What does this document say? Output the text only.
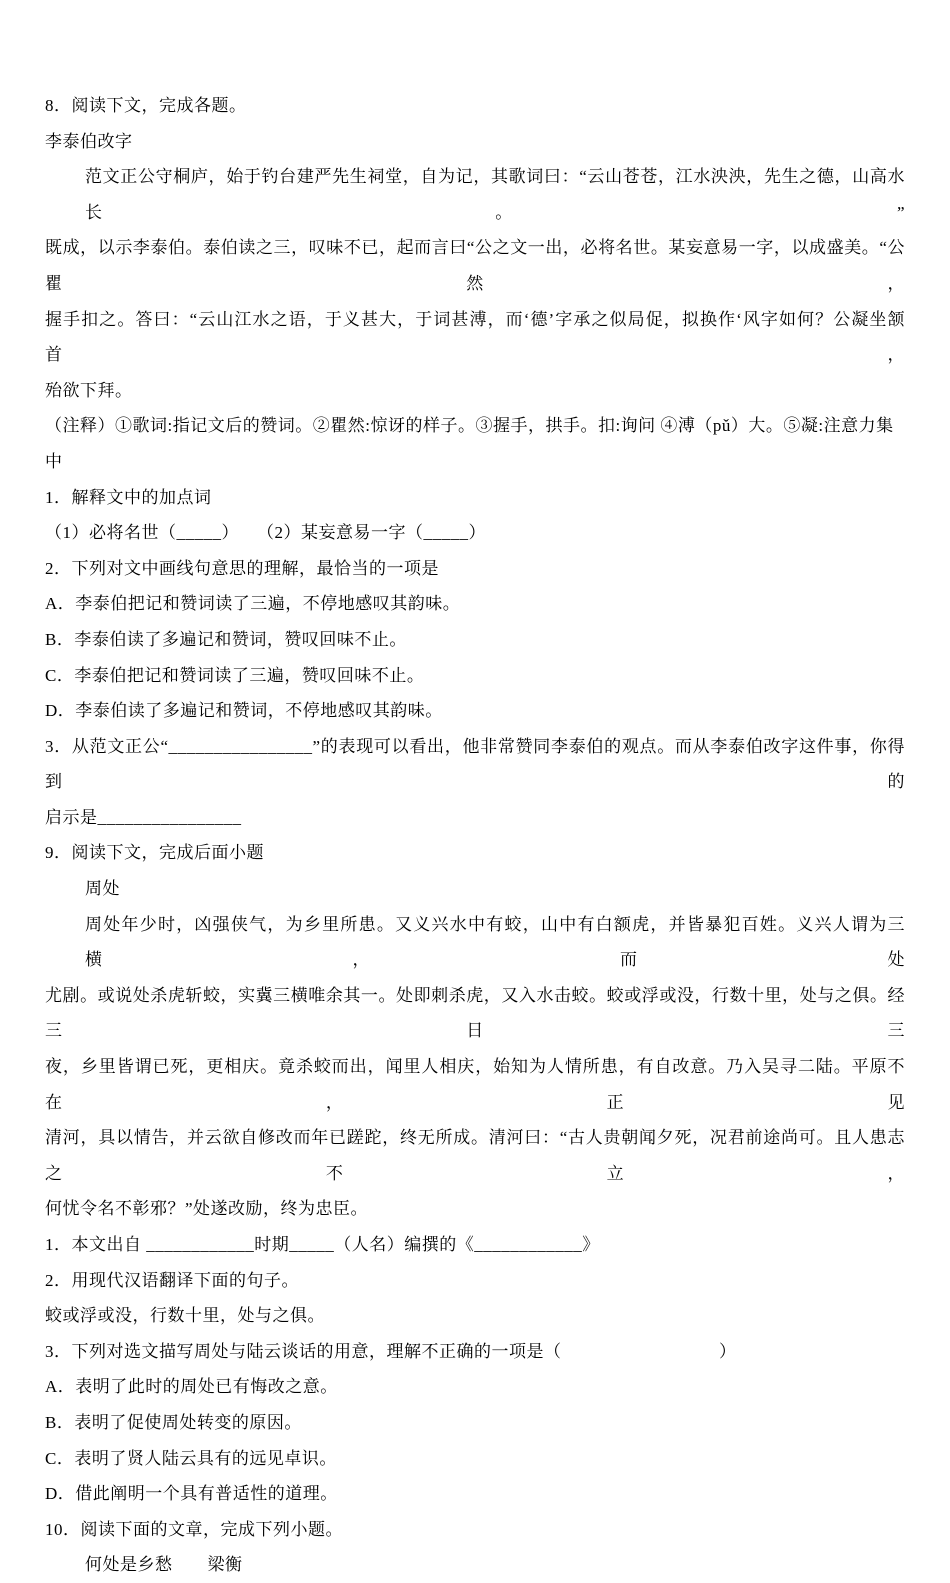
8．阅读下文，完成各题。
李泰伯改字
范文正公守桐庐，始于钓台建严先生祠堂，自为记，其歌词曰：“云山苍苍，江水泱泱，先生之德，山高水长。”
既成，以示李泰伯。泰伯读之三，叹味不已，起而言曰“公之文一出，必将名世。某妄意易一字，以成盛美。“公瞿然，
握手扣之。答曰：“云山江水之语，于义甚大，于词甚溥，而‘德’字承之似局促，拟换作‘风字如何？公凝坐颔首，
殆欲下拜。
（注释）①歌词:指记文后的赞词。②瞿然:惊讶的样子。③握手，拱手。扣:询问 ④溥（pǔ）大。⑤凝:注意力集中
1．解释文中的加点词
（1）必将名世（_____）　　（2）某妄意易一字（_____）
2．下列对文中画线句意思的理解，最恰当的一项是
A．李泰伯把记和赞词读了三遍，不停地感叹其韵味。
B．李泰伯读了多遍记和赞词，赞叹回味不止。
C．李泰伯把记和赞词读了三遍，赞叹回味不止。
D．李泰伯读了多遍记和赞词，不停地感叹其韵味。
3．从范文正公“________________”的表现可以看出，他非常赞同李泰伯的观点。而从李泰伯改字这件事，你得到的
启示是________________
9．阅读下文，完成后面小题
周处
周处年少时，凶强侠气，为乡里所患。又义兴水中有蛟，山中有白额虎，并皆暴犯百姓。义兴人谓为三横，而处
尤剧。或说处杀虎斩蛟，实冀三横唯余其一。处即刺杀虎，又入水击蛟。蛟或浮或没，行数十里，处与之俱。经三日三
夜，乡里皆谓已死，更相庆。竟杀蛟而出，闻里人相庆，始知为人情所患，有自改意。乃入吴寻二陆。平原不在，正见
清河，具以情告，并云欲自修改而年已蹉跎，终无所成。清河曰：“古人贵朝闻夕死，况君前途尚可。且人患志之不立，
何忧令名不彰邪？”处遂改励，终为忠臣。
1．本文出自 ____________时期_____（人名）编撰的《____________》
2．用现代汉语翻译下面的句子。
蛟或浮或没，行数十里，处与之俱。
3．下列对选文描写周处与陆云谈话的用意，理解不正确的一项是（　　　　　　　　　）
A．表明了此时的周处已有悔改之意。
B．表明了促使周处转变的原因。
C．表明了贤人陆云具有的远见卓识。
D．借此阐明一个具有普适性的道理。
10．阅读下面的文章，完成下列小题。
何处是乡愁　　梁衡
